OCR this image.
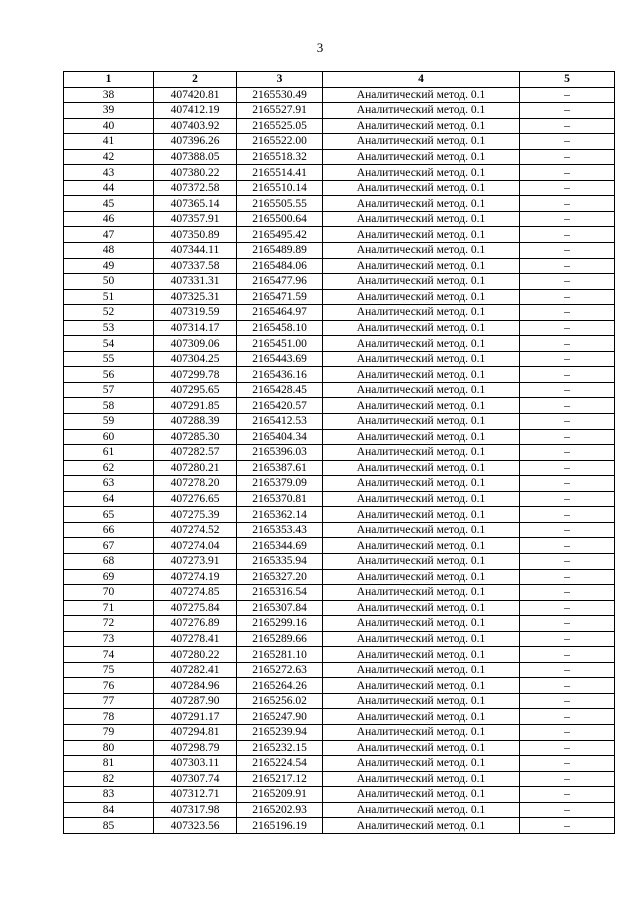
3
1	2	3	4	5
38	407420.81	2165530.49	Аналитический метод. 0.1	–
39	407412.19	2165527.91	Аналитический метод. 0.1	–
40	407403.92	2165525.05	Аналитический метод. 0.1	–
41	407396.26	2165522.00	Аналитический метод. 0.1	–
42	407388.05	2165518.32	Аналитический метод. 0.1	–
43	407380.22	2165514.41	Аналитический метод. 0.1	–
44	407372.58	2165510.14	Аналитический метод. 0.1	–
45	407365.14	2165505.55	Аналитический метод. 0.1	–
46	407357.91	2165500.64	Аналитический метод. 0.1	–
47	407350.89	2165495.42	Аналитический метод. 0.1	–
48	407344.11	2165489.89	Аналитический метод. 0.1	–
49	407337.58	2165484.06	Аналитический метод. 0.1	–
50	407331.31	2165477.96	Аналитический метод. 0.1	–
51	407325.31	2165471.59	Аналитический метод. 0.1	–
52	407319.59	2165464.97	Аналитический метод. 0.1	–
53	407314.17	2165458.10	Аналитический метод. 0.1	–
54	407309.06	2165451.00	Аналитический метод. 0.1	–
55	407304.25	2165443.69	Аналитический метод. 0.1	–
56	407299.78	2165436.16	Аналитический метод. 0.1	–
57	407295.65	2165428.45	Аналитический метод. 0.1	–
58	407291.85	2165420.57	Аналитический метод. 0.1	–
59	407288.39	2165412.53	Аналитический метод. 0.1	–
60	407285.30	2165404.34	Аналитический метод. 0.1	–
61	407282.57	2165396.03	Аналитический метод. 0.1	–
62	407280.21	2165387.61	Аналитический метод. 0.1	–
63	407278.20	2165379.09	Аналитический метод. 0.1	–
64	407276.65	2165370.81	Аналитический метод. 0.1	–
65	407275.39	2165362.14	Аналитический метод. 0.1	–
66	407274.52	2165353.43	Аналитический метод. 0.1	–
67	407274.04	2165344.69	Аналитический метод. 0.1	–
68	407273.91	2165335.94	Аналитический метод. 0.1	–
69	407274.19	2165327.20	Аналитический метод. 0.1	–
70	407274.85	2165316.54	Аналитический метод. 0.1	–
71	407275.84	2165307.84	Аналитический метод. 0.1	–
72	407276.89	2165299.16	Аналитический метод. 0.1	–
73	407278.41	2165289.66	Аналитический метод. 0.1	–
74	407280.22	2165281.10	Аналитический метод. 0.1	–
75	407282.41	2165272.63	Аналитический метод. 0.1	–
76	407284.96	2165264.26	Аналитический метод. 0.1	–
77	407287.90	2165256.02	Аналитический метод. 0.1	–
78	407291.17	2165247.90	Аналитический метод. 0.1	–
79	407294.81	2165239.94	Аналитический метод. 0.1	–
80	407298.79	2165232.15	Аналитический метод. 0.1	–
81	407303.11	2165224.54	Аналитический метод. 0.1	–
82	407307.74	2165217.12	Аналитический метод. 0.1	–
83	407312.71	2165209.91	Аналитический метод. 0.1	–
84	407317.98	2165202.93	Аналитический метод. 0.1	–
85	407323.56	2165196.19	Аналитический метод. 0.1	–
